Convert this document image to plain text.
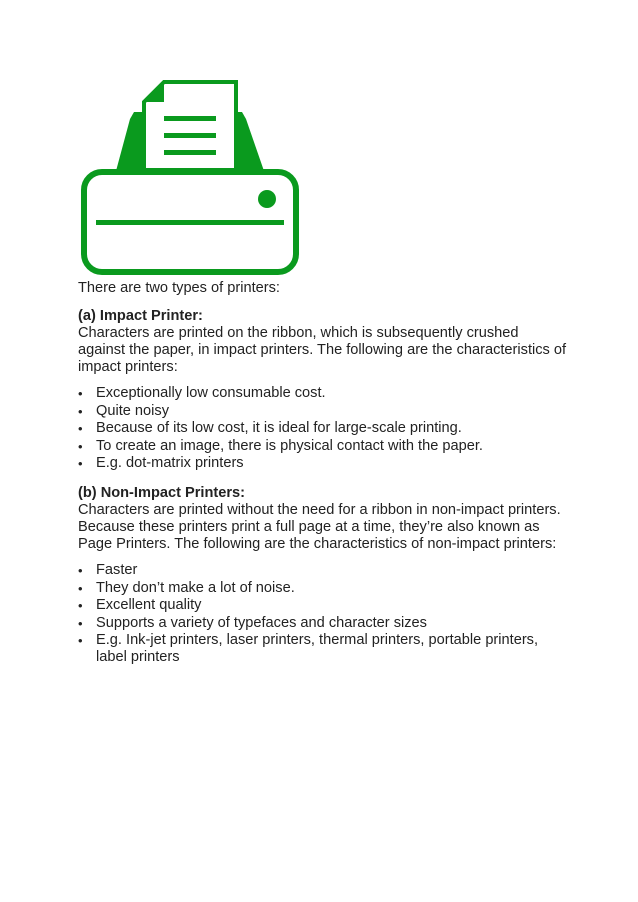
There are two types of printers:

(a) Impact Printer:

Characters are printed on the ribbon, which is subsequently crushed against the paper, in impact printers. The following are the characteristics of impact printers:

• Exceptionally low consumable cost.
• Quite noisy
• Because of its low cost, it is ideal for large-scale printing.
• To create an image, there is physical contact with the paper.
• E.g. dot-matrix printers

(b) Non-Impact Printers:

Characters are printed without the need for a ribbon in non-impact printers. Because these printers print a full page at a time, they’re also known as Page Printers. The following are the characteristics of non-impact printers:

• Faster
• They don’t make a lot of noise.
• Excellent quality
• Supports a variety of typefaces and character sizes
• E.g. Ink-jet printers, laser printers, thermal printers, portable printers, label printers
